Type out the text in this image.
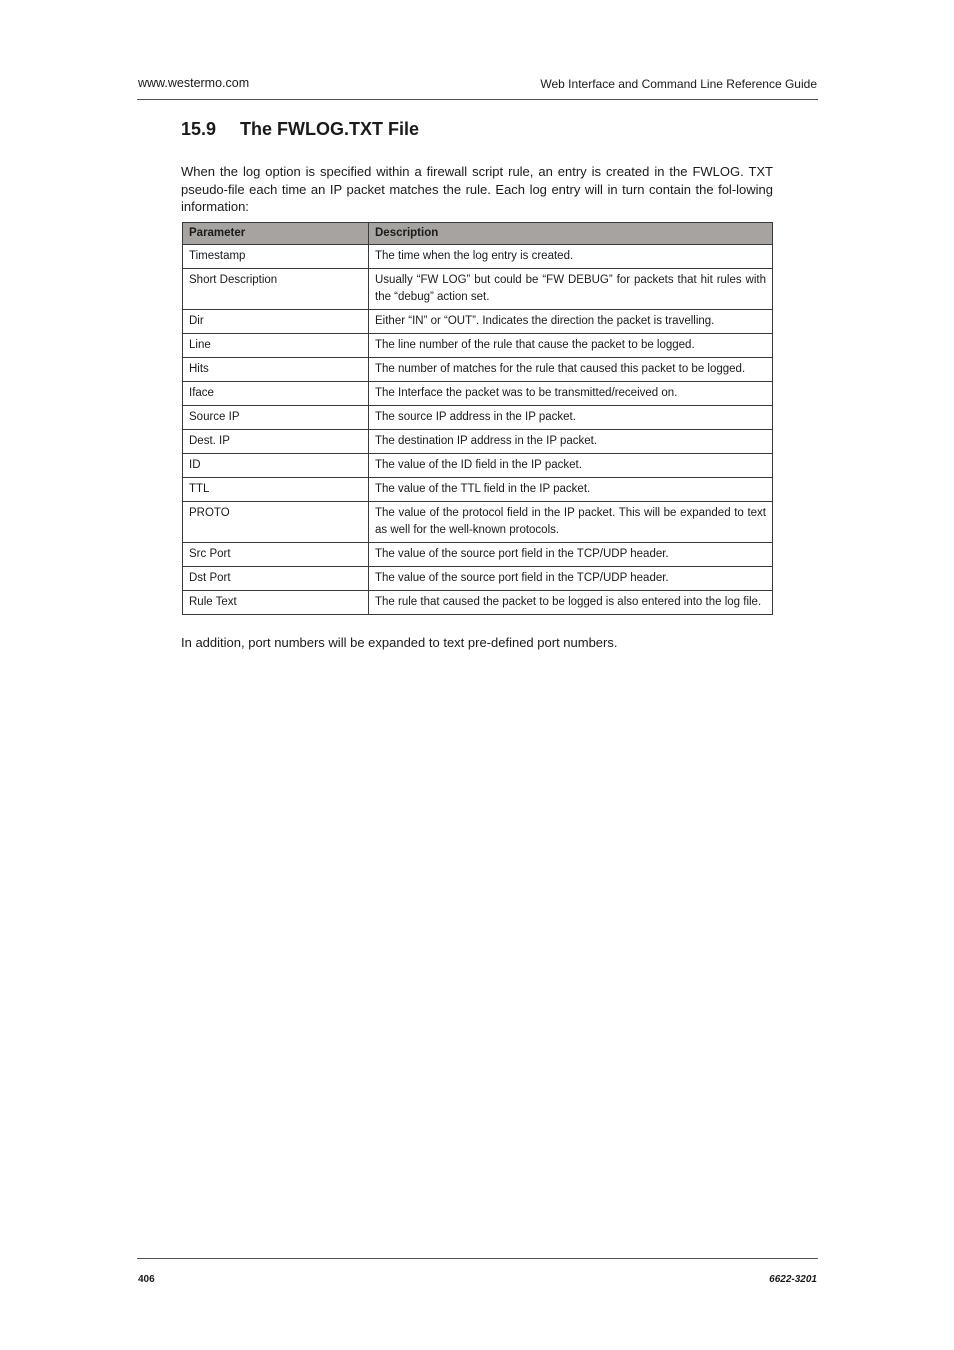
www.westermo.com	Web Interface and Command Line Reference Guide
15.9 The FWLOG.TXT File

When the log option is specified within a firewall script rule, an entry is created in the FWLOG. TXT pseudo-file each time an IP packet matches the rule. Each log entry will in turn contain the fol-lowing information:

Parameter	Description
Timestamp	The time when the log entry is created.
Short Description	Usually “FW LOG” but could be “FW DEBUG” for packets that hit rules with the “debug” action set.
Dir	Either “IN” or “OUT”. Indicates the direction the packet is travelling.
Line	The line number of the rule that cause the packet to be logged.
Hits	The number of matches for the rule that caused this packet to be logged.
Iface	The Interface the packet was to be transmitted/received on.
Source IP	The source IP address in the IP packet.
Dest. IP	The destination IP address in the IP packet.
ID	The value of the ID field in the IP packet.
TTL	The value of the TTL field in the IP packet.
PROTO	The value of the protocol field in the IP packet. This will be expanded to text as well for the well-known protocols.
Src Port	The value of the source port field in the TCP/UDP header.
Dst Port	The value of the source port field in the TCP/UDP header.
Rule Text	The rule that caused the packet to be logged is also entered into the log file.

In addition, port numbers will be expanded to text pre-defined port numbers.

406	6622-3201
